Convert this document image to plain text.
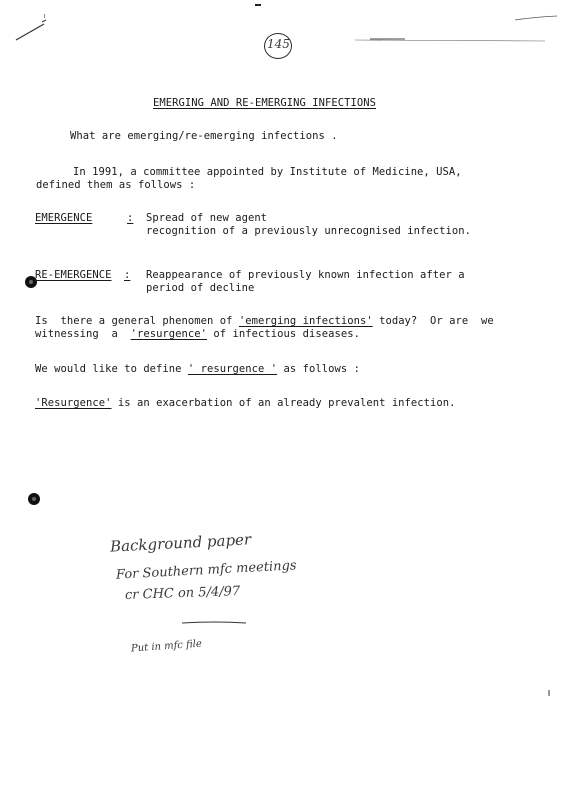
145
EMERGING AND RE-EMERGING INFECTIONS
What are emerging/re-emerging infections .
In 1991, a committee appointed by Institute of Medicine, USA,
defined them as follows :
EMERGENCE	: Spread of new agent
recognition of a previously unrecognised infection.
RE-EMERGENCE : Reappearance of previously known infection after a
period of decline
Is  there a general phenomen of 'emerging infections' today?  Or are  we
witnessing  a  'resurgence' of infectious diseases.
We would like to define ' resurgence ' as follows :
'Resurgence' is an exacerbation of an already prevalent infection.
Background paper
For Southern mfc meetings
cr CHC on 5/4/97
Put in mfc file
